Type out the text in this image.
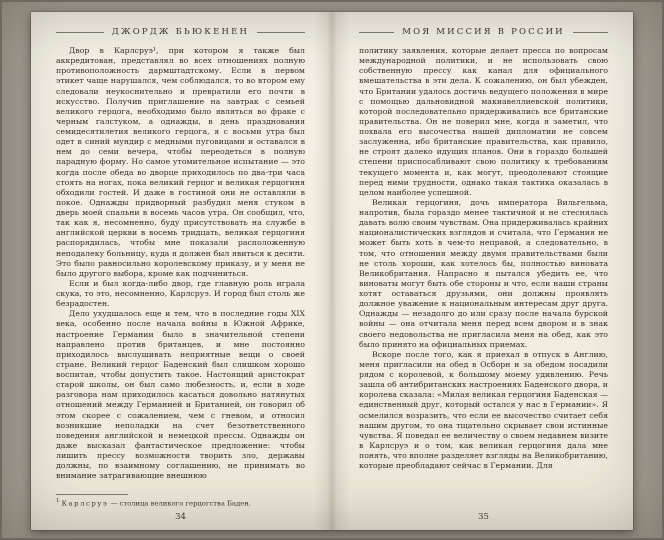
ДЖОРДЖ БЬЮКЕНЕН

Двор в Карлсруэ¹, при котором я также был аккредитован, представлял во всех отношениях полную противоположность дармштадтскому. Если в первом этикет чаще нарушался, чем соблюдался, то во втором ему следовали неукоснительно и превратили его почти в искусство. Получив приглашение на завтрак с семьей великого герцога, необходимо было являться во фраке с черным галстуком, а однажды, в день празднования семидесятилетия великого герцога, я с восьми утра был одет в синий мундир с медными пуговицами и оставался в нем до семи вечера, чтобы переодеться в полную парадную форму. Но самое утомительное испытание — это когда после обеда во дворце приходилось по два-три часа стоять на ногах, пока великий герцог и великая герцогиня обходили гостей. И даже в гостиной они не оставляли в покое. Однажды придворный разбудил меня стуком в дверь моей спальни в восемь часов утра. Он сообщил, что, так как я, несомненно, буду присутствовать на службе в английской церкви в восемь тридцать, великая герцогиня распорядилась, чтобы мне показали расположенную неподалеку больницу, куда я должен был явиться к десяти. Это было равносильно королевскому приказу, и у меня не было другого выбора, кроме как подчиниться.

Если и был когда-либо двор, где главную роль играла скука, то это, несомненно, Карлсруэ. И город был столь же безрадостен.

Дело ухудшалось еще и тем, что в последние годы XIX века, особенно после начала войны в Южной Африке, настроение Германии было в значительной степени направлено против британцев, и мне постоянно приходилось выслушивать неприятные вещи о своей стране. Великий герцог Баденский был слишком хорошо воспитан, чтобы допустить такое. Настоящий аристократ старой школы, он был само любезность, и, если в ходе разговора нам приходилось касаться довольно натянутых отношений между Германией и Британией, он говорил об этом скорее с сожалением, чем с гневом, и относил возникшие неполадки на счет безответственного поведения английской и немецкой прессы. Однажды он даже высказал фантастическое предложение: чтобы лишить прессу возможности творить зло, державы должны, по взаимному соглашению, не принимать во внимание затрагивающие внешнюю

$^1$ Карлсруэ — столица великого герцогства Баден.
34
МОЯ МИССИЯ В РОССИИ

политику заявления, которые делает пресса по вопросам международной политики, и не использовать свою собственную прессу как канал для официального вмешательства в эти дела. К сожалению, он был убежден, что Британии удалось достичь ведущего положения в мире с помощью дальновидной макиавеллиевской политики, которой последовательно придерживались все британские правительства. Он не поверил мне, когда я заметил, что похвала его высочества нашей дипломатии не совсем заслуженна, ибо британские правительства, как правило, не строят далеко идущих планов. Они в гораздо большей степени приспосабливают свою политику к требованиям текущего момента и, как могут, преодолевают стоящие перед ними трудности, однако такая тактика оказалась в целом наиболее успешной.

Великая герцогиня, дочь императора Вильгельма, напротив, была гораздо менее тактичной и не стеснялась давать волю своим чувствам. Она придерживалась крайних националистических взглядов и считала, что Германия не может быть хоть в чем-то неправой, а следовательно, в том, что отношения между двумя правительствами были не столь хороши, как хотелось бы, полностью виновата Великобритания. Напрасно я пытался убедить ее, что виноваты могут быть обе стороны и что, если наши страны хотят оставаться друзьями, они должны проявлять должное уважение к национальным интересам друг друга. Однажды — незадолго до или сразу после начала бурской войны — она отчитала меня перед всем двором и в знак своего недовольства не пригласила меня на обед, как это было принято на официальных приемах.

Вскоре после того, как я приехал в отпуск в Англию, меня пригласили на обед в Осборн и за обедом посадили рядом с королевой, к большому моему удивлению. Речь зашла об антибританских настроениях Баденского двора, и королева сказала: «Милая великая герцогиня Баденская — единственный друг, который остался у нас в Германии». Я осмелился возразить, что если ее высочество считает себя нашим другом, то она тщательно скрывает свои истинные чувства. Я поведал ее величеству о своем недавнем визите в Карлсруэ и о том, как великая герцогиня дала мне понять, что вполне разделяет взгляды на Великобританию, которые преобладают сейчас в Германии. Для

35
